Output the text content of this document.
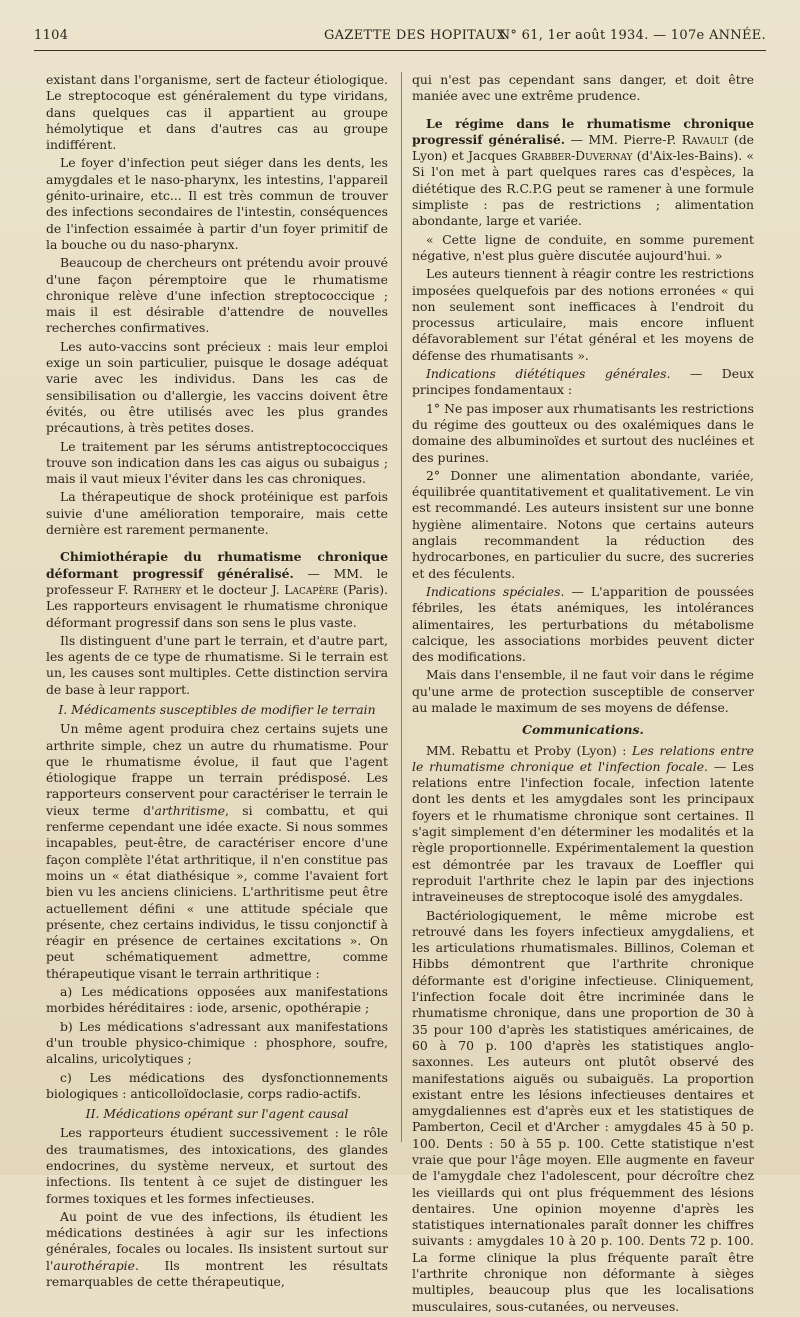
1104	GAZETTE DES HOPITAUX
N° 61, 1er août 1934. — 107e ANNÉE.

existant dans l'organisme, sert de facteur étiologique. Le streptocoque est généralement du type viridans, dans quelques cas il appartient au groupe hémolytique et dans d'autres cas au groupe indifférent.

Le foyer d'infection peut siéger dans les dents, les amygdales et le naso-pharynx, les intestins, l'appareil génito-urinaire, etc... Il est très commun de trouver des infections secondaires de l'intestin, conséquences de l'infection essaimée à partir d'un foyer primitif de la bouche ou du naso-pharynx.

Beaucoup de chercheurs ont prétendu avoir prouvé d'une façon péremptoire que le rhumatisme chronique relève d'une infection streptococcique ; mais il est désirable d'attendre de nouvelles recherches confirmatives.

Les auto-vaccins sont précieux : mais leur emploi exige un soin particulier, puisque le dosage adéquat varie avec les individus. Dans les cas de sensibilisation ou d'allergie, les vaccins doivent être évités, ou être utilisés avec les plus grandes précautions, à très petites doses.

Le traitement par les sérums antistreptococciques trouve son indication dans les cas aigus ou subaigus ; mais il vaut mieux l'éviter dans les cas chroniques.

La thérapeutique de shock protéinique est parfois suivie d'une amélioration temporaire, mais cette dernière est rarement permanente.

Chimiothérapie du rhumatisme chronique déformant progressif généralisé. — MM. le professeur F. Rathery et le docteur J. Lacapère (Paris). Les rapporteurs envisagent le rhumatisme chronique déformant progressif dans son sens le plus vaste.

Ils distinguent d'une part le terrain, et d'autre part, les agents de ce type de rhumatisme. Si le terrain est un, les causes sont multiples. Cette distinction servira de base à leur rapport.

I. Médicaments susceptibles de modifier le terrain

Un même agent produira chez certains sujets une arthrite simple, chez un autre du rhumatisme. Pour que le rhumatisme évolue, il faut que l'agent étiologique frappe un terrain prédisposé. Les rapporteurs conservent pour caractériser le terrain le vieux terme d'arthritisme, si combattu, et qui renferme cependant une idée exacte. Si nous sommes incapables, peut-être, de caractériser encore d'une façon complète l'état arthritique, il n'en constitue pas moins un « état diathésique », comme l'avaient fort bien vu les anciens cliniciens. L'arthritisme peut être actuellement défini « une attitude spéciale que présente, chez certains individus, le tissu conjonctif à réagir en présence de certaines excitations ». On peut schématiquement admettre, comme thérapeutique visant le terrain arthritique :

a) Les médications opposées aux manifestations morbides héréditaires : iode, arsenic, opothérapie ;

b) Les médications s'adressant aux manifestations d'un trouble physico-chimique : phosphore, soufre, alcalins, uricolytiques ;

c) Les médications des dysfonctionnements biologiques : anticolloïdoclasie, corps radio-actifs.

II. Médications opérant sur l'agent causal

Les rapporteurs étudient successivement : le rôle des traumatismes, des intoxications, des glandes endocrines, du système nerveux, et surtout des infections. Ils tentent à ce sujet de distinguer les formes toxiques et les formes infectieuses.

Au point de vue des infections, ils étudient les médications destinées à agir sur les infections générales, focales ou locales. Ils insistent surtout sur l'aurothérapie. Ils montrent les résultats remarquables de cette thérapeutique,

qui n'est pas cependant sans danger, et doit être maniée avec une extrême prudence.

Le régime dans le rhumatisme chronique progressif généralisé. — MM. Pierre-P. Ravault (de Lyon) et Jacques Grabber-Duvernay (d'Aix-les-Bains). « Si l'on met à part quelques rares cas d'espèces, la diététique des R.C.P.G peut se ramener à une formule simpliste : pas de restrictions ; alimentation abondante, large et variée.

« Cette ligne de conduite, en somme purement négative, n'est plus guère discutée aujourd'hui. »

Les auteurs tiennent à réagir contre les restrictions imposées quelquefois par des notions erronées « qui non seulement sont inefficaces à l'endroit du processus articulaire, mais encore influent défavorablement sur l'état général et les moyens de défense des rhumatisants ».

Indications diététiques générales. — Deux principes fondamentaux :

1° Ne pas imposer aux rhumatisants les restrictions du régime des goutteux ou des oxalémiques dans le domaine des albuminoïdes et surtout des nucléines et des purines.

2° Donner une alimentation abondante, variée, équilibrée quantitativement et qualitativement. Le vin est recommandé. Les auteurs insistent sur une bonne hygiène alimentaire. Notons que certains auteurs anglais recommandent la réduction des hydrocarbones, en particulier du sucre, des sucreries et des féculents.

Indications spéciales. — L'apparition de poussées fébriles, les états anémiques, les intolérances alimentaires, les perturbations du métabolisme calcique, les associations morbides peuvent dicter des modifications.

Mais dans l'ensemble, il ne faut voir dans le régime qu'une arme de protection susceptible de conserver au malade le maximum de ses moyens de défense.

Communications.

MM. Rebattu et Proby (Lyon) : Les relations entre le rhumatisme chronique et l'infection focale. — Les relations entre l'infection focale, infection latente dont les dents et les amygdales sont les principaux foyers et le rhumatisme chronique sont certaines. Il s'agit simplement d'en déterminer les modalités et la règle proportionnelle. Expérimentalement la question est démontrée par les travaux de Loeffler qui reproduit l'arthrite chez le lapin par des injections intraveineuses de streptocoque isolé des amygdales.

Bactériologiquement, le même microbe est retrouvé dans les foyers infectieux amygdaliens, et les articulations rhumatismales. Billinos, Coleman et Hibbs démontrent que l'arthrite chronique déformante est d'origine infectieuse. Cliniquement, l'infection focale doit être incriminée dans le rhumatisme chronique, dans une proportion de 30 à 35 pour 100 d'après les statistiques américaines, de 60 à 70 p. 100 d'après les statistiques anglo-saxonnes. Les auteurs ont plutôt observé des manifestations aiguës ou subaiguës. La proportion existant entre les lésions infectieuses dentaires et amygdaliennes est d'après eux et les statistiques de Pamberton, Cecil et d'Archer : amygdales 45 à 50 p. 100. Dents : 50 à 55 p. 100. Cette statistique n'est vraie que pour l'âge moyen. Elle augmente en faveur de l'amygdale chez l'adolescent, pour décroître chez les vieillards qui ont plus fréquemment des lésions dentaires. Une opinion moyenne d'après les statistiques internationales paraît donner les chiffres suivants : amygdales 10 à 20 p. 100. Dents 72 p. 100. La forme clinique la plus fréquente paraît être l'arthrite chronique non déformante à sièges multiples, beaucoup plus que les localisations musculaires, sous-cutanées, ou nerveuses.
